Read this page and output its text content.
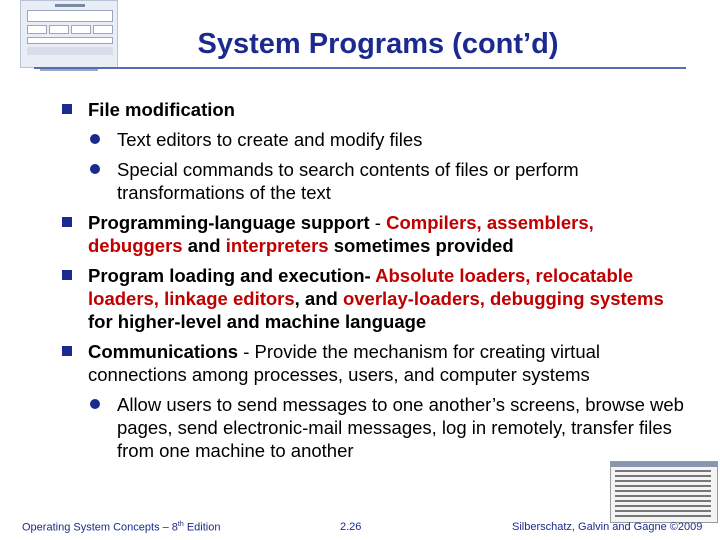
System Programs (cont’d)
File modification
Text editors to create and modify files
Special commands to search contents of files or perform transformations of the text
Programming-language support - Compilers, assemblers, debuggers and interpreters sometimes provided
Program loading and execution- Absolute loaders, relocatable loaders, linkage editors, and overlay-loaders, debugging systems for higher-level and machine language
Communications - Provide the mechanism for creating virtual connections among processes, users, and computer systems
Allow users to send messages to one another’s screens, browse web pages, send electronic-mail messages, log in remotely, transfer files from one machine to another
Operating System Concepts – 8th Edition	2.26	Silberschatz, Galvin and Gagne ©2009
